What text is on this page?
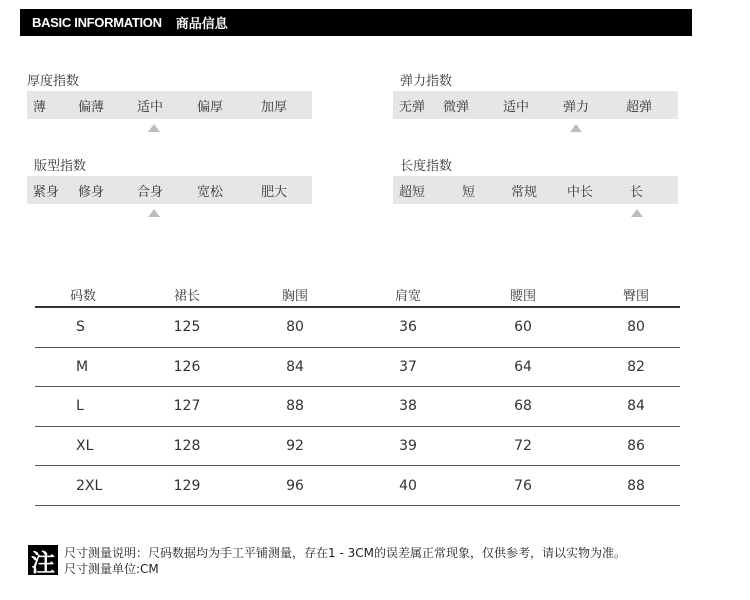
BASIC INFORMATION 商品信息
厚度指数
薄 偏薄	适中	偏厚	加厚
弹力指数
无弹 微弹	适中	弹力	超弹
版型指数
紧身 修身	合身	宽松	肥大
长度指数
超短	短	常规 中长	长
码数	裙长	胸围	肩宽	腰围	臀围
S	125	80	36	60	80
M	126	84	37	64	82
L	127	88	38	68	84
XL	128	92	39	72	86
2XL	129	96	40	76	88
注 尺寸测量说明：尺码数据均为手工平铺测量，存在1 - 3CM的误差属正常现象，仅供参考，请以实物为准。
尺寸测量单位:CM
